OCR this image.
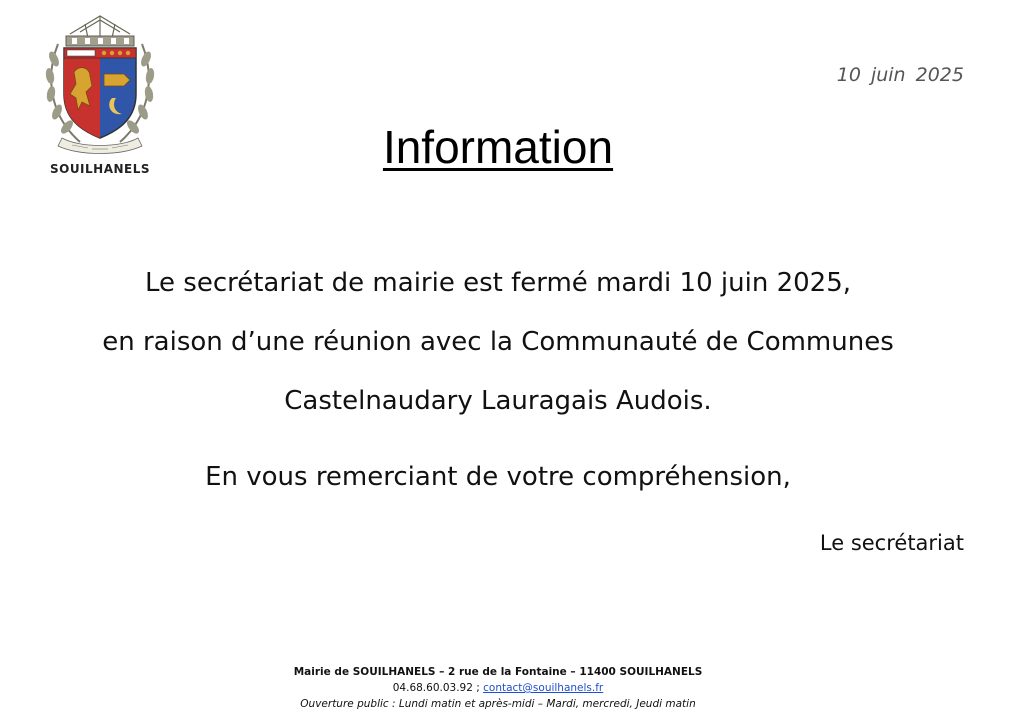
SOUILHANELS
10 juin 2025
Information
Le secrétariat de mairie est fermé mardi 10 juin 2025,
en raison d’une réunion avec la Communauté de Communes
Castelnaudary Lauragais Audois.
En vous remerciant de votre compréhension,
Le secrétariat
Mairie de SOUILHANELS – 2 rue de la Fontaine – 11400 SOUILHANELS
04.68.60.03.92 ; contact@souilhanels.fr
Ouverture public : Lundi matin et après-midi – Mardi, mercredi, Jeudi matin
